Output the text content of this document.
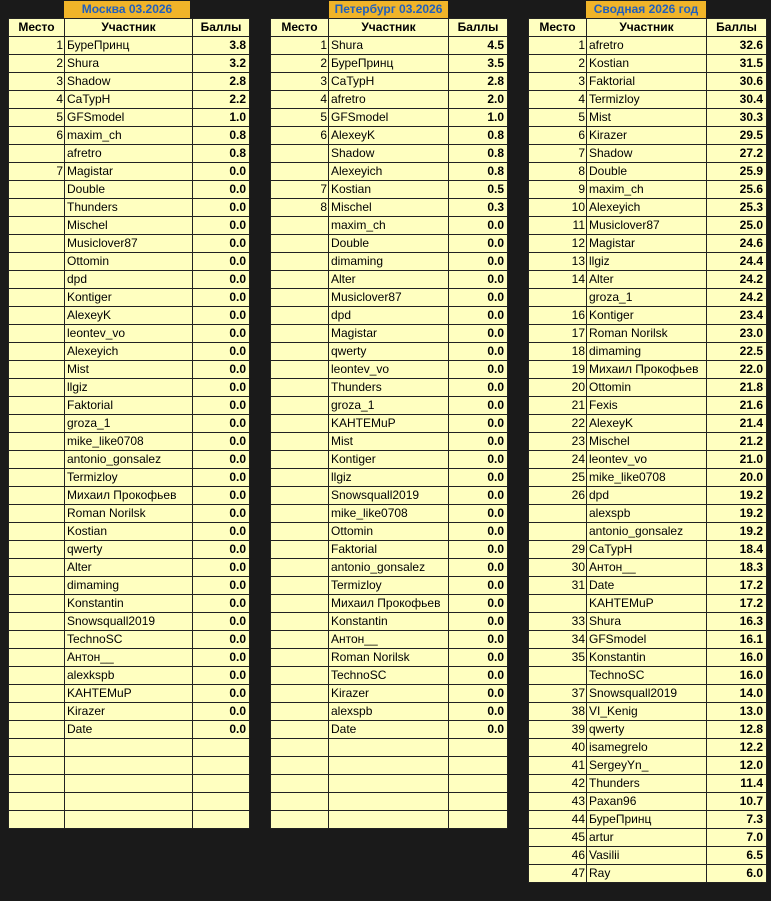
Москва 03.2026
Место	Участник	Баллы
1	БуреПринц	3.8
2	Shura	3.2
3	Shadow	2.8
4	CaTypH	2.2
5	GFSmodel	1.0
6	maxim_ch	0.8
	afretro	0.8
7	Magistar	0.0
	Double	0.0
	Thunders	0.0
	Mischel	0.0
	Musiclover87	0.0
	Ottomin	0.0
	dpd	0.0
	Kontiger	0.0
	AlexeyK	0.0
	leontev_vo	0.0
	Alexeyich	0.0
	Mist	0.0
	llgiz	0.0
	Faktorial	0.0
	groza_1	0.0
	mike_like0708	0.0
	antonio_gonsalez	0.0
	Termizloy	0.0
	Михаил Прокофьев	0.0
	Roman Norilsk	0.0
	Kostian	0.0
	qwerty	0.0
	Alter	0.0
	dimaming	0.0
	Konstantin	0.0
	Snowsquall2019	0.0
	TechnoSC	0.0
	Антон__	0.0
	alexkspb	0.0
	KAHTEMuP	0.0
	Kirazer	0.0
	Date	0.0

Петербург 03.2026
Место	Участник	Баллы
1	Shura	4.5
2	БуреПринц	3.5
3	CaTypH	2.8
4	afretro	2.0
5	GFSmodel	1.0
6	AlexeyK	0.8
	Shadow	0.8
	Alexeyich	0.8
7	Kostian	0.5
8	Mischel	0.3
	maxim_ch	0.0
	Double	0.0
	dimaming	0.0
	Alter	0.0
	Musiclover87	0.0
	dpd	0.0
	Magistar	0.0
	qwerty	0.0
	leontev_vo	0.0
	Thunders	0.0
	groza_1	0.0
	KAHTEMuP	0.0
	Mist	0.0
	Kontiger	0.0
	llgiz	0.0
	Snowsquall2019	0.0
	mike_like0708	0.0
	Ottomin	0.0
	Faktorial	0.0
	antonio_gonsalez	0.0
	Termizloy	0.0
	Михаил Прокофьев	0.0
	Konstantin	0.0
	Антон__	0.0
	Roman Norilsk	0.0
	TechnoSC	0.0
	Kirazer	0.0
	alexspb	0.0
	Date	0.0

Сводная 2026 год
Место	Участник	Баллы
1	afretro	32.6
2	Kostian	31.5
3	Faktorial	30.6
4	Termizloy	30.4
5	Mist	30.3
6	Kirazer	29.5
7	Shadow	27.2
8	Double	25.9
9	maxim_ch	25.6
10	Alexeyich	25.3
11	Musiclover87	25.0
12	Magistar	24.6
13	llgiz	24.4
14	Alter	24.2
	groza_1	24.2
16	Kontiger	23.4
17	Roman Norilsk	23.0
18	dimaming	22.5
19	Михаил Прокофьев	22.0
20	Ottomin	21.8
21	Fexis	21.6
22	AlexeyK	21.4
23	Mischel	21.2
24	leontev_vo	21.0
25	mike_like0708	20.0
26	dpd	19.2
	alexspb	19.2
	antonio_gonsalez	19.2
29	CaTypH	18.4
30	Антон__	18.3
31	Date	17.2
	KAHTEMuP	17.2
33	Shura	16.3
34	GFSmodel	16.1
35	Konstantin	16.0
	TechnoSC	16.0
37	Snowsquall2019	14.0
38	VI_Kenig	13.0
39	qwerty	12.8
40	isamegrelo	12.2
41	SergeyYn_	12.0
42	Thunders	11.4
43	Paxan96	10.7
44	БуреПринц	7.3
45	artur	7.0
46	Vasilii	6.5
47	Ray	6.0
